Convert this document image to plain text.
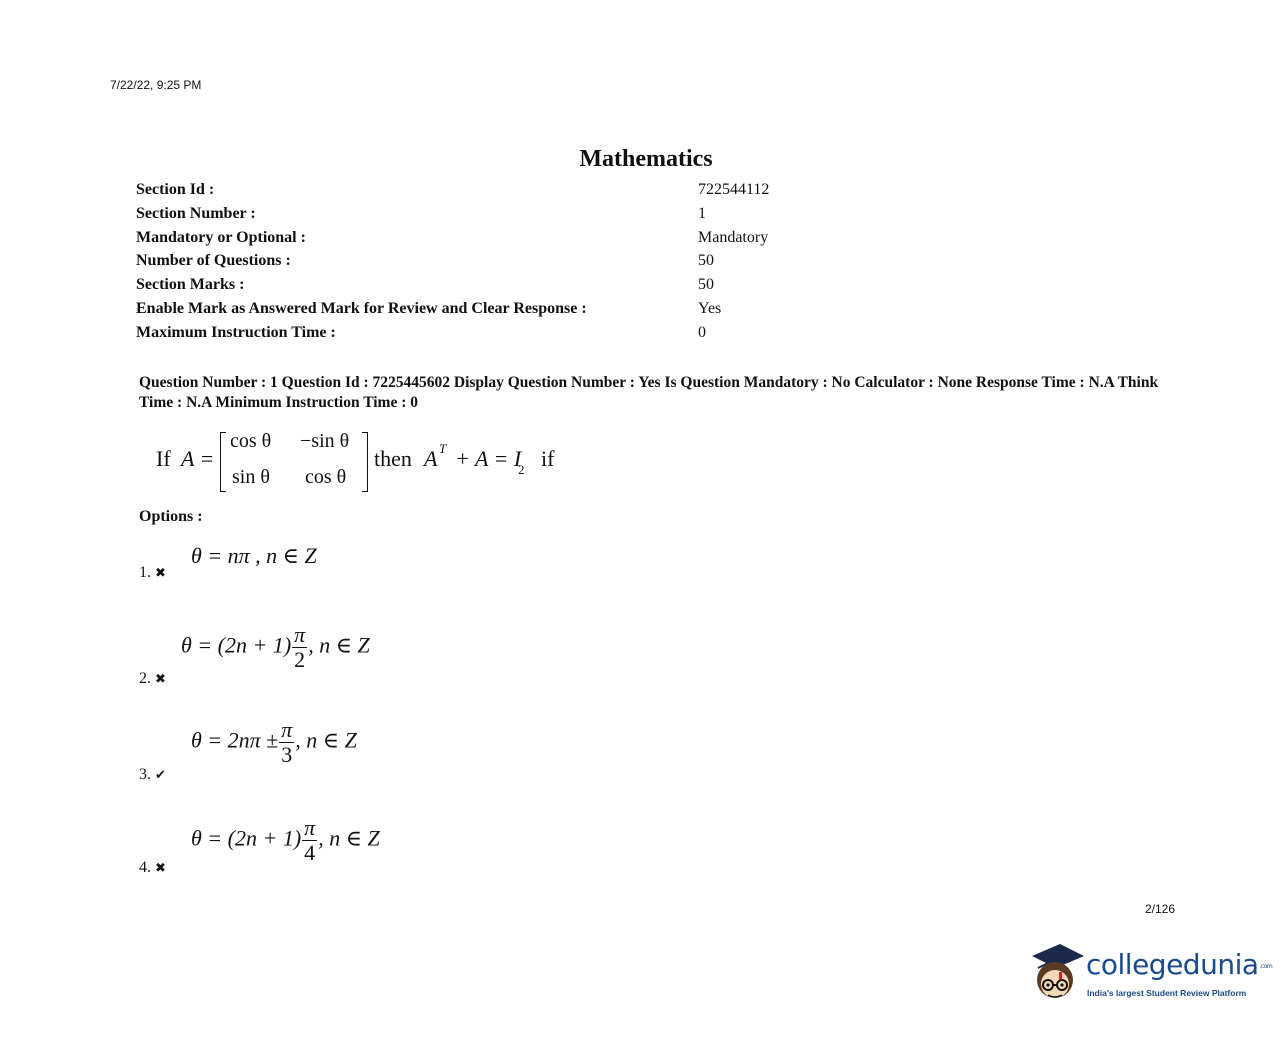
7/22/22, 9:25 PM
Mathematics
Section Id :	722544112
Section Number :	1
Mandatory or Optional :	Mandatory
Number of Questions :	50
Section Marks :	50
Enable Mark as Answered Mark for Review and Clear Response :	Yes
Maximum Instruction Time :	0
Question Number : 1 Question Id : 7225445602 Display Question Number : Yes Is Question Mandatory : No Calculator : None Response Time : N.A Think Time : N.A Minimum Instruction Time : 0
If A =
cos θ −sin θ
sin θ cos θ
then A T + A = I
2 if
Options :
1. ✖
θ = nπ , n ∈ Z
2. ✖
$\theta = (2n + 1) \frac{\pi}{2}$ , n ∈ Z
3. ✔
$\theta = 2n\pi \pm \frac{\pi}{3}$ , n ∈ Z
4. ✖
$\theta = (2n + 1) \frac{\pi}{4}$ , n ∈ Z
2/126
collegedunia.com
India's largest Student Review Platform
